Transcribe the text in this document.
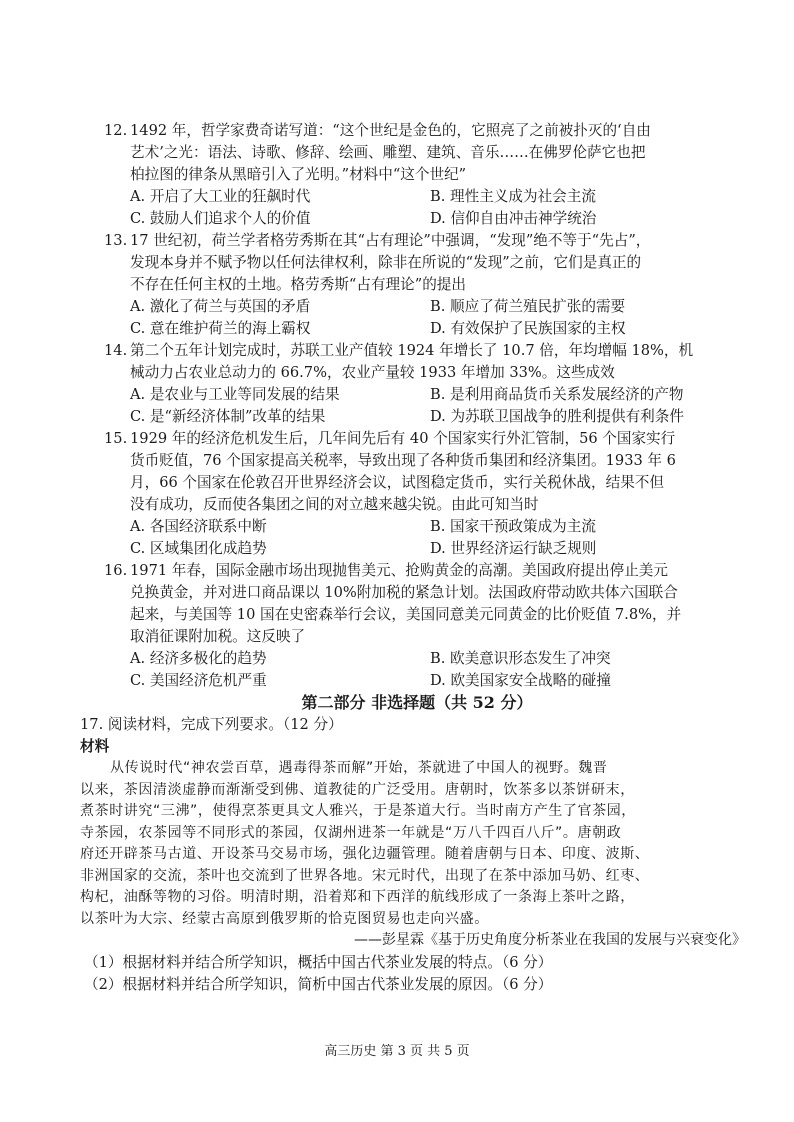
12. 1492 年，哲学家费奇诺写道：“这个世纪是金色的，它照亮了之前被扑灭的‘自由
艺术’之光：语法、诗歌、修辞、绘画、雕塑、建筑、音乐……在佛罗伦萨它也把
柏拉图的律条从黑暗引入了光明。”材料中“这个世纪”
A. 开启了大工业的狂飙时代	B. 理性主义成为社会主流
C. 鼓励人们追求个人的价值	D. 信仰自由冲击神学统治
13. 17 世纪初，荷兰学者格劳秀斯在其“占有理论”中强调，“发现”绝不等于“先占”，
发现本身并不赋予物以任何法律权利，除非在所说的“发现”之前，它们是真正的
不存在任何主权的土地。格劳秀斯“占有理论”的提出
A. 激化了荷兰与英国的矛盾	B. 顺应了荷兰殖民扩张的需要
C. 意在维护荷兰的海上霸权	D. 有效保护了民族国家的主权
14. 第二个五年计划完成时，苏联工业产值较 1924 年增长了 10.7 倍，年均增幅 18%，机
械动力占农业总动力的 66.7%，农业产量较 1933 年增加 33%。这些成效
A. 是农业与工业等同发展的结果	B. 是利用商品货币关系发展经济的产物
C. 是“新经济体制”改革的结果	D. 为苏联卫国战争的胜利提供有利条件
15. 1929 年的经济危机发生后，几年间先后有 40 个国家实行外汇管制，56 个国家实行
货币贬值，76 个国家提高关税率，导致出现了各种货币集团和经济集团。1933 年 6
月，66 个国家在伦敦召开世界经济会议，试图稳定货币，实行关税休战，结果不但
没有成功，反而使各集团之间的对立越来越尖锐。由此可知当时
A. 各国经济联系中断	B. 国家干预政策成为主流
C. 区域集团化成趋势	D. 世界经济运行缺乏规则
16. 1971 年春，国际金融市场出现抛售美元、抢购黄金的高潮。美国政府提出停止美元
兑换黄金，并对进口商品课以 10%附加税的紧急计划。法国政府带动欧共体六国联合
起来，与美国等 10 国在史密森举行会议，美国同意美元同黄金的比价贬值 7.8%，并
取消征课附加税。这反映了
A. 经济多极化的趋势	B. 欧美意识形态发生了冲突
C. 美国经济危机严重	D. 欧美国家安全战略的碰撞
第二部分 非选择题（共 52 分）
17. 阅读材料，完成下列要求。（12 分）
材料
从传说时代“神农尝百草，遇毒得茶而解”开始，茶就进了中国人的视野。魏晋
以来，茶因清淡虚静而渐渐受到佛、道教徒的广泛受用。唐朝时，饮茶多以茶饼研末，
煮茶时讲究“三沸”，使得烹茶更具文人雅兴，于是茶道大行。当时南方产生了官茶园，
寺茶园，农茶园等不同形式的茶园，仅湖州进茶一年就是“万八千四百八斤”。唐朝政
府还开辟茶马古道、开设茶马交易市场，强化边疆管理。随着唐朝与日本、印度、波斯、
非洲国家的交流，茶叶也交流到了世界各地。宋元时代，出现了在茶中添加马奶、红枣、
构杞，油酥等物的习俗。明清时期，沿着郑和下西洋的航线形成了一条海上茶叶之路，
以茶叶为大宗、经蒙古高原到俄罗斯的恰克图贸易也走向兴盛。
——彭星霖《基于历史角度分析茶业在我国的发展与兴衰变化》
（1）根据材料并结合所学知识，概括中国古代茶业发展的特点。（6 分）
（2）根据材料并结合所学知识，简析中国古代茶业发展的原因。（6 分）
高三历史 第 3 页 共 5 页
